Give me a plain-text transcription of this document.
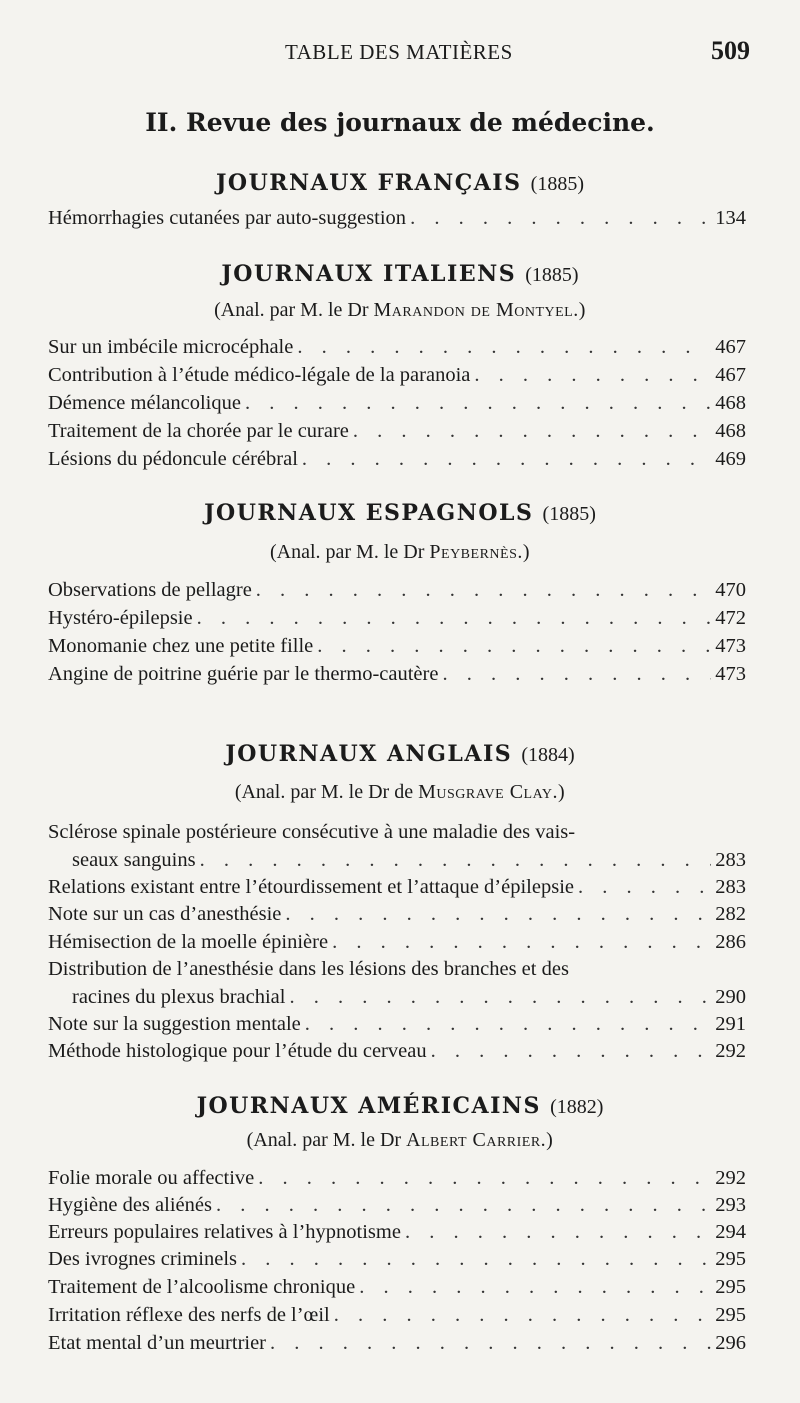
TABLE DES MATIÈRES	509
II. Revue des journaux de médecine.
JOURNAUX FRANÇAIS (1885)
Hémorrhagies cutanées par auto-suggestion . . .	134
JOURNAUX ITALIENS (1885)
(Anal. par M. le Dr Marandon de Montyel.)
Sur un imbécile microcéphale . . .	467
Contribution à l’étude médico-légale de la paranoia . . .	467
Démence mélancolique . . .	468
Traitement de la chorée par le curare . . .	468
Lésions du pédoncule cérébral . . .	469
JOURNAUX ESPAGNOLS (1885)
(Anal. par M. le Dr Peybernès.)
Observations de pellagre . . .	470
Hystéro-épilepsie . . .	472
Monomanie chez une petite fille . . .	473
Angine de poitrine guérie par le thermo-cautère . . .	473
JOURNAUX ANGLAIS (1884)
(Anal. par M. le Dr de Musgrave Clay.)
Sclérose spinale postérieure consécutive à une maladie des vais-
seaux sanguins . . .	283
Relations existant entre l’étourdissement et l’attaque d’épilepsie . . .	283
Note sur un cas d’anesthésie . . .	282
Hémisection de la moelle épinière . . .	286
Distribution de l’anesthésie dans les lésions des branches et des
racines du plexus brachial . . .	290
Note sur la suggestion mentale . . .	291
Méthode histologique pour l’étude du cerveau . . .	292
JOURNAUX AMÉRICAINS (1882)
(Anal. par M. le Dr Albert Carrier.)
Folie morale ou affective . . .	292
Hygiène des aliénés . . .	293
Erreurs populaires relatives à l’hypnotisme . . .	294
Des ivrognes criminels . . .	295
Traitement de l’alcoolisme chronique . . .	295
Irritation réflexe des nerfs de l’œil . . .	295
Etat mental d’un meurtrier . . .	296
